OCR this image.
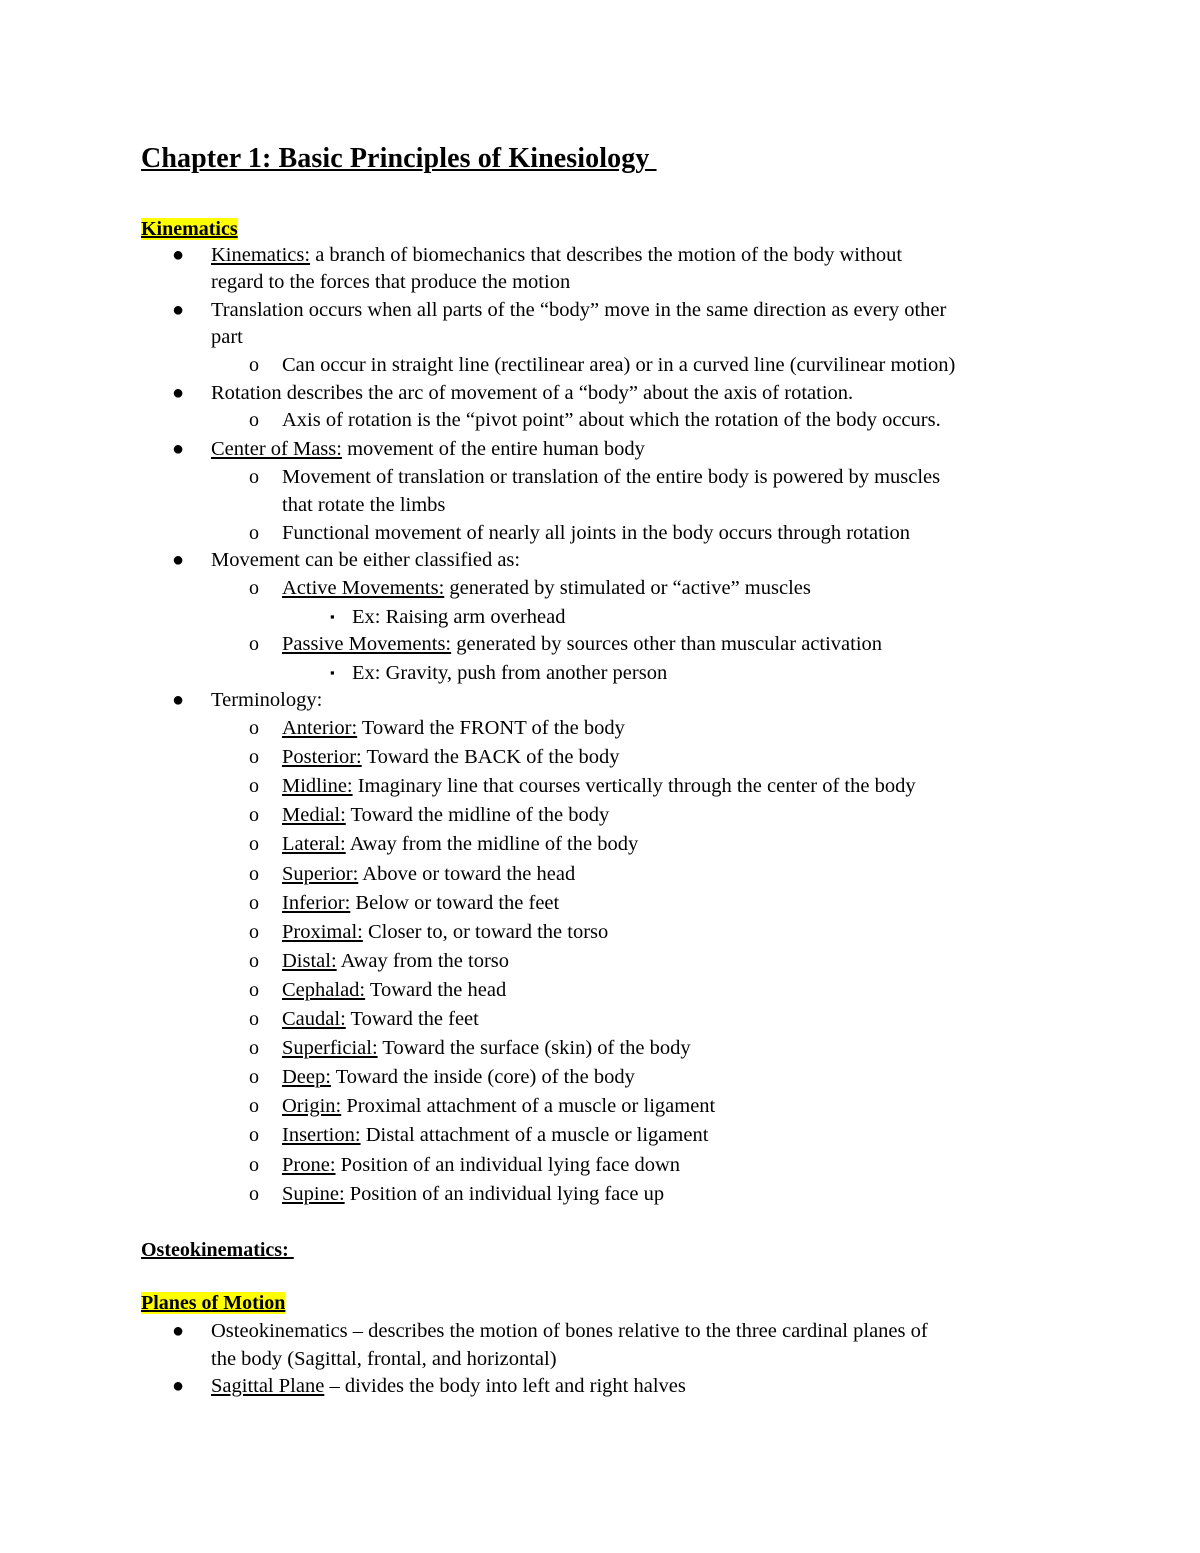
Chapter 1: Basic Principles of Kinesiology
Kinematics
● Kinematics: a branch of biomechanics that describes the motion of the body without
regard to the forces that produce the motion
● Translation occurs when all parts of the “body” move in the same direction as every other
part
o Can occur in straight line (rectilinear area) or in a curved line (curvilinear motion)
● Rotation describes the arc of movement of a “body” about the axis of rotation.
o Axis of rotation is the “pivot point” about which the rotation of the body occurs.
● Center of Mass: movement of the entire human body
o Movement of translation or translation of the entire body is powered by muscles
that rotate the limbs
o Functional movement of nearly all joints in the body occurs through rotation
● Movement can be either classified as:
o Active Movements: generated by stimulated or “active” muscles
▪ Ex: Raising arm overhead
o Passive Movements: generated by sources other than muscular activation
▪ Ex: Gravity, push from another person
● Terminology:
o Anterior: Toward the FRONT of the body
o Posterior: Toward the BACK of the body
o Midline: Imaginary line that courses vertically through the center of the body
o Medial: Toward the midline of the body
o Lateral: Away from the midline of the body
o Superior: Above or toward the head
o Inferior: Below or toward the feet
o Proximal: Closer to, or toward the torso
o Distal: Away from the torso
o Cephalad: Toward the head
o Caudal: Toward the feet
o Superficial: Toward the surface (skin) of the body
o Deep: Toward the inside (core) of the body
o Origin: Proximal attachment of a muscle or ligament
o Insertion: Distal attachment of a muscle or ligament
o Prone: Position of an individual lying face down
o Supine: Position of an individual lying face up
Osteokinematics:
Planes of Motion
● Osteokinematics – describes the motion of bones relative to the three cardinal planes of
the body (Sagittal, frontal, and horizontal)
● Sagittal Plane – divides the body into left and right halves
